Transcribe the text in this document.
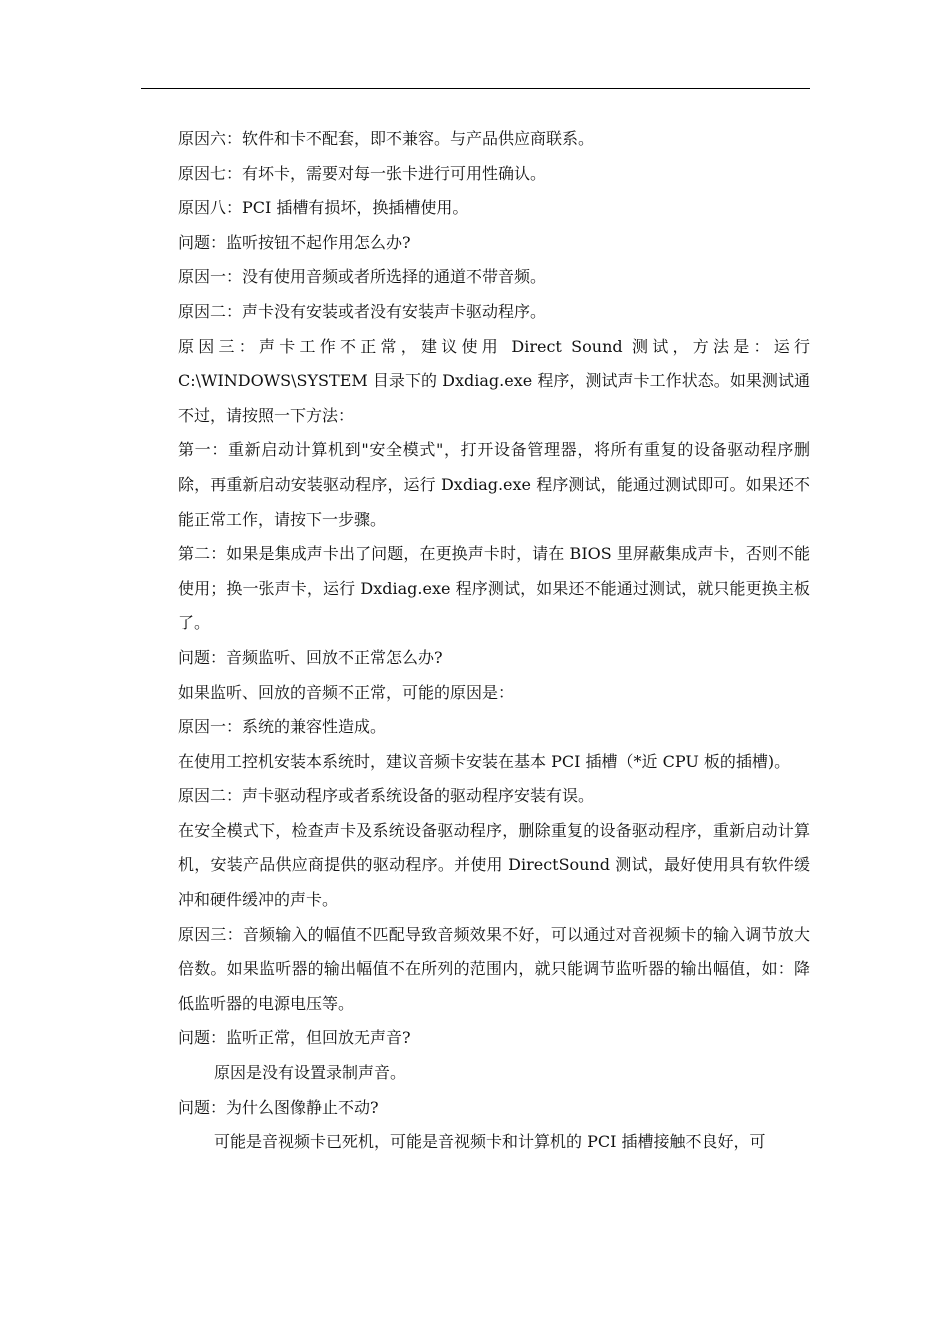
原因六：软件和卡不配套，即不兼容。与产品供应商联系。

原因七：有坏卡，需要对每一张卡进行可用性确认。

原因八：PCI 插槽有损坏，换插槽使用。

问题：监听按钮不起作用怎么办?

原因一：没有使用音频或者所选择的通道不带音频。

原因二：声卡没有安装或者没有安装声卡驱动程序。

原因三：声卡工作不正常，建议使用 Direct Sound 测试，方法是：运行 C:\WINDOWS\SYSTEM 目录下的 Dxdiag.exe 程序，测试声卡工作状态。如果测试通不过，请按照一下方法：

第一：重新启动计算机到"安全模式"，打开设备管理器，将所有重复的设备驱动程序删除，再重新启动安装驱动程序，运行 Dxdiag.exe 程序测试，能通过测试即可。如果还不能正常工作，请按下一步骤。

第二：如果是集成声卡出了问题，在更换声卡时，请在 BIOS 里屏蔽集成声卡，否则不能使用；换一张声卡，运行 Dxdiag.exe 程序测试，如果还不能通过测试，就只能更换主板了。

问题：音频监听、回放不正常怎么办?

如果监听、回放的音频不正常，可能的原因是：

原因一：系统的兼容性造成。

在使用工控机安装本系统时，建议音频卡安装在基本 PCI 插槽（*近 CPU 板的插槽)。

原因二：声卡驱动程序或者系统设备的驱动程序安装有误。

在安全模式下，检查声卡及系统设备驱动程序，删除重复的设备驱动程序，重新启动计算机，安装产品供应商提供的驱动程序。并使用 DirectSound 测试，最好使用具有软件缓冲和硬件缓冲的声卡。

原因三：音频输入的幅值不匹配导致音频效果不好，可以通过对音视频卡的输入调节放大倍数。如果监听器的输出幅值不在所列的范围内，就只能调节监听器的输出幅值，如：降低监听器的电源电压等。

问题：监听正常，但回放无声音?

原因是没有设置录制声音。

问题：为什么图像静止不动?

可能是音视频卡已死机，可能是音视频卡和计算机的 PCI 插槽接触不良好，可
